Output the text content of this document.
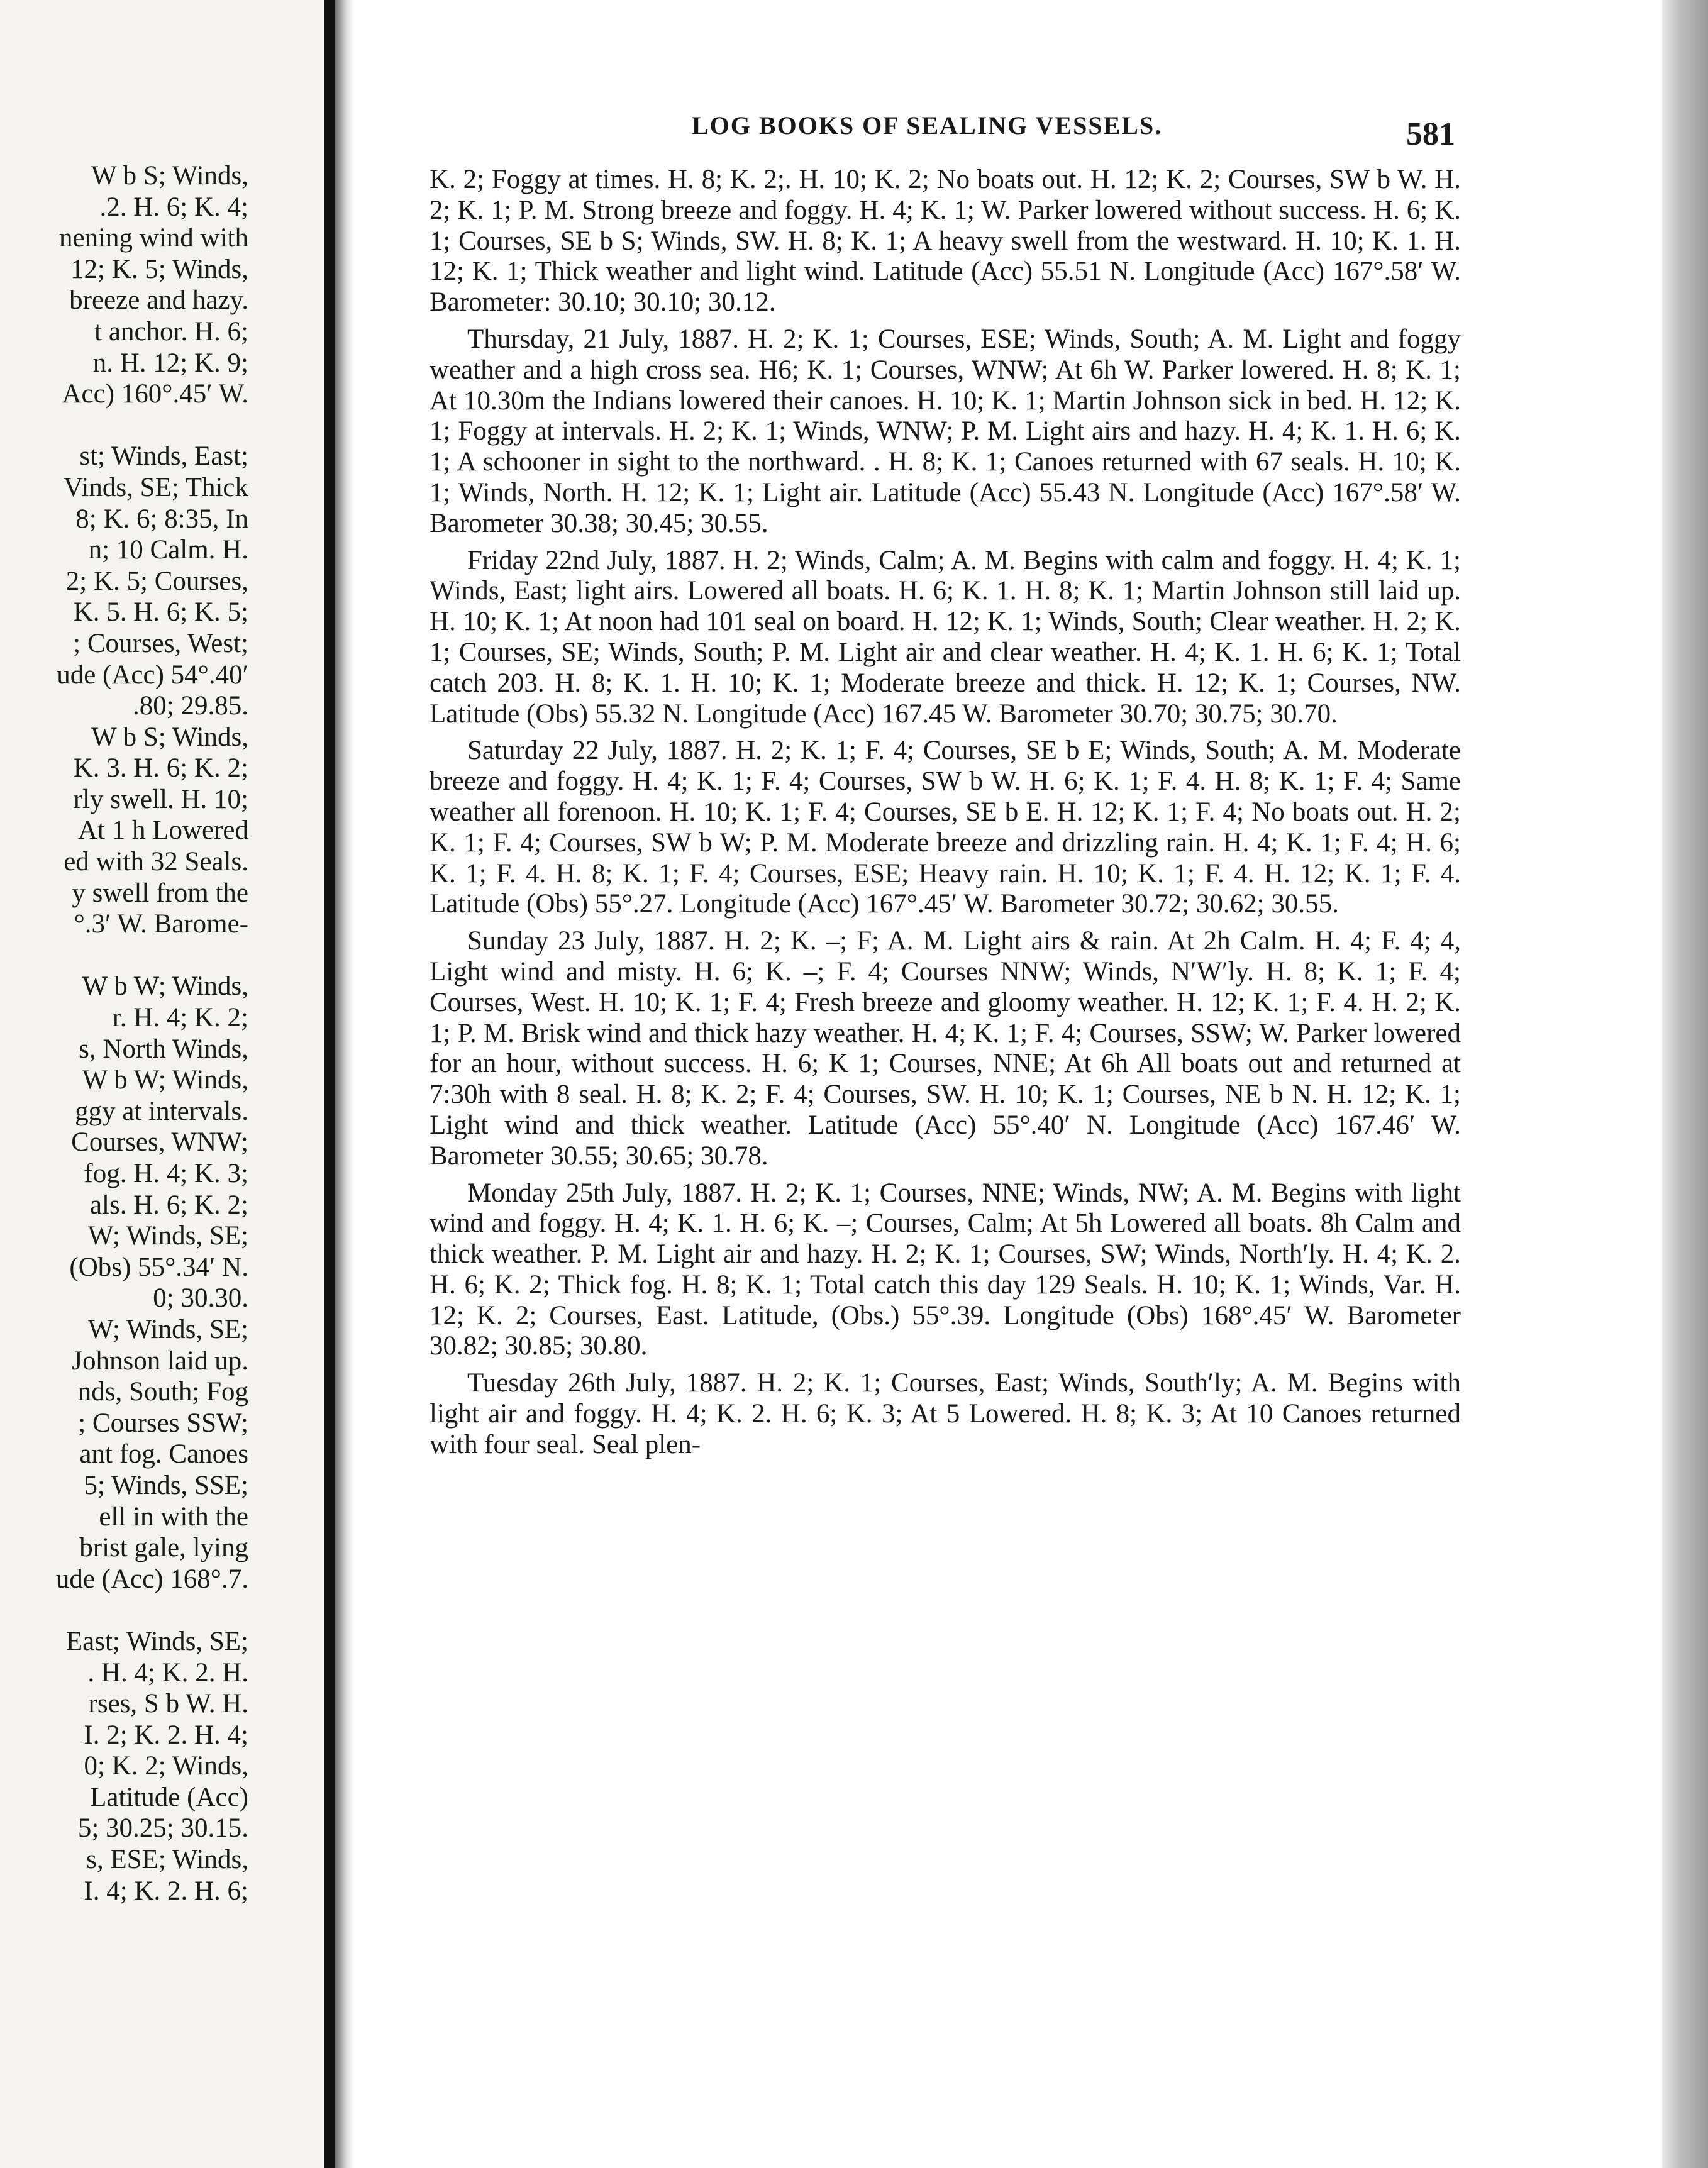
W b S; Winds,
.2. H. 6; K. 4;
nening wind with
12; K. 5; Winds,
breeze and hazy.
t anchor. H. 6;
n. H. 12; K. 9;
Acc) 160°.45′ W.
st; Winds, East;
Vinds, SE; Thick
8; K. 6; 8:35, In
n; 10 Calm. H.
2; K. 5; Courses,
K. 5. H. 6; K. 5;
; Courses, West;
ude (Acc) 54°.40′
.80; 29.85.
W b S; Winds,
K. 3. H. 6; K. 2;
rly swell. H. 10;
At 1 h Lowered
ed with 32 Seals.
y swell from the
°.3′ W. Barome-
W b W; Winds,
r. H. 4; K. 2;
s, North Winds,
W b W; Winds,
ggy at intervals.
Courses, WNW;
fog. H. 4; K. 3;
als. H. 6; K. 2;
W; Winds, SE;
(Obs) 55°.34′ N.
0; 30.30.
W; Winds, SE;
Johnson laid up.
nds, South; Fog
; Courses SSW;
ant fog. Canoes
5; Winds, SSE;
ell in with the
brist gale, lying
ude (Acc) 168°.7.
East; Winds, SE;
. H. 4; K. 2. H.
rses, S b W. H.
I. 2; K. 2. H. 4;
0; K. 2; Winds,
Latitude (Acc)
5; 30.25; 30.15.
s, ESE; Winds,
I. 4; K. 2. H. 6;
LOG BOOKS OF SEALING VESSELS.	581

K. 2; Foggy at times. H. 8; K. 2;. H. 10; K. 2; No boats out. H. 12; K. 2; Courses, SW b W. H. 2; K. 1; P. M. Strong breeze and foggy. H. 4; K. 1; W. Parker lowered without success. H. 6; K. 1; Courses, SE b S; Winds, SW. H. 8; K. 1; A heavy swell from the westward. H. 10; K. 1. H. 12; K. 1; Thick weather and light wind. Latitude (Acc) 55.51 N. Longitude (Acc) 167°.58′ W. Barometer: 30.10; 30.10; 30.12.

Thursday, 21 July, 1887. H. 2; K. 1; Courses, ESE; Winds, South; A. M. Light and foggy weather and a high cross sea. H6; K. 1; Courses, WNW; At 6h W. Parker lowered. H. 8; K. 1; At 10.30m the Indians lowered their canoes. H. 10; K. 1; Martin Johnson sick in bed. H. 12; K. 1; Foggy at intervals. H. 2; K. 1; Winds, WNW; P. M. Light airs and hazy. H. 4; K. 1. H. 6; K. 1; A schooner in sight to the northward. . H. 8; K. 1; Canoes returned with 67 seals. H. 10; K. 1; Winds, North. H. 12; K. 1; Light air. Latitude (Acc) 55.43 N. Longitude (Acc) 167°.58′ W. Barometer 30.38; 30.45; 30.55.

Friday 22nd July, 1887. H. 2; Winds, Calm; A. M. Begins with calm and foggy. H. 4; K. 1; Winds, East; light airs. Lowered all boats. H. 6; K. 1. H. 8; K. 1; Martin Johnson still laid up. H. 10; K. 1; At noon had 101 seal on board. H. 12; K. 1; Winds, South; Clear weather. H. 2; K. 1; Courses, SE; Winds, South; P. M. Light air and clear weather. H. 4; K. 1. H. 6; K. 1; Total catch 203. H. 8; K. 1. H. 10; K. 1; Moderate breeze and thick. H. 12; K. 1; Courses, NW. Latitude (Obs) 55.32 N. Longitude (Acc) 167.45 W. Barometer 30.70; 30.75; 30.70.

Saturday 22 July, 1887. H. 2; K. 1; F. 4; Courses, SE b E; Winds, South; A. M. Moderate breeze and foggy. H. 4; K. 1; F. 4; Courses, SW b W. H. 6; K. 1; F. 4. H. 8; K. 1; F. 4; Same weather all forenoon. H. 10; K. 1; F. 4; Courses, SE b E. H. 12; K. 1; F. 4; No boats out. H. 2; K. 1; F. 4; Courses, SW b W; P. M. Moderate breeze and drizzling rain. H. 4; K. 1; F. 4; H. 6; K. 1; F. 4. H. 8; K. 1; F. 4; Courses, ESE; Heavy rain. H. 10; K. 1; F. 4. H. 12; K. 1; F. 4. Latitude (Obs) 55°.27. Longitude (Acc) 167°.45′ W. Barometer 30.72; 30.62; 30.55.

Sunday 23 July, 1887. H. 2; K. –; F; A. M. Light airs & rain. At 2h Calm. H. 4; F. 4; 4, Light wind and misty. H. 6; K. –; F. 4; Courses NNW; Winds, N′W′ly. H. 8; K. 1; F. 4; Courses, West. H. 10; K. 1; F. 4; Fresh breeze and gloomy weather. H. 12; K. 1; F. 4. H. 2; K. 1; P. M. Brisk wind and thick hazy weather. H. 4; K. 1; F. 4; Courses, SSW; W. Parker lowered for an hour, without success. H. 6; K 1; Courses, NNE; At 6h All boats out and returned at 7:30h with 8 seal. H. 8; K. 2; F. 4; Courses, SW. H. 10; K. 1; Courses, NE b N. H. 12; K. 1; Light wind and thick weather. Latitude (Acc) 55°.40′ N. Longitude (Acc) 167.46′ W. Barometer 30.55; 30.65; 30.78.

Monday 25th July, 1887. H. 2; K. 1; Courses, NNE; Winds, NW; A. M. Begins with light wind and foggy. H. 4; K. 1. H. 6; K. –; Courses, Calm; At 5h Lowered all boats. 8h Calm and thick weather. P. M. Light air and hazy. H. 2; K. 1; Courses, SW; Winds, North′ly. H. 4; K. 2. H. 6; K. 2; Thick fog. H. 8; K. 1; Total catch this day 129 Seals. H. 10; K. 1; Winds, Var. H. 12; K. 2; Courses, East. Latitude, (Obs.) 55°.39. Longitude (Obs) 168°.45′ W. Barometer 30.82; 30.85; 30.80.

Tuesday 26th July, 1887. H. 2; K. 1; Courses, East; Winds, South′ly; A. M. Begins with light air and foggy. H. 4; K. 2. H. 6; K. 3; At 5 Lowered. H. 8; K. 3; At 10 Canoes returned with four seal. Seal plen-
